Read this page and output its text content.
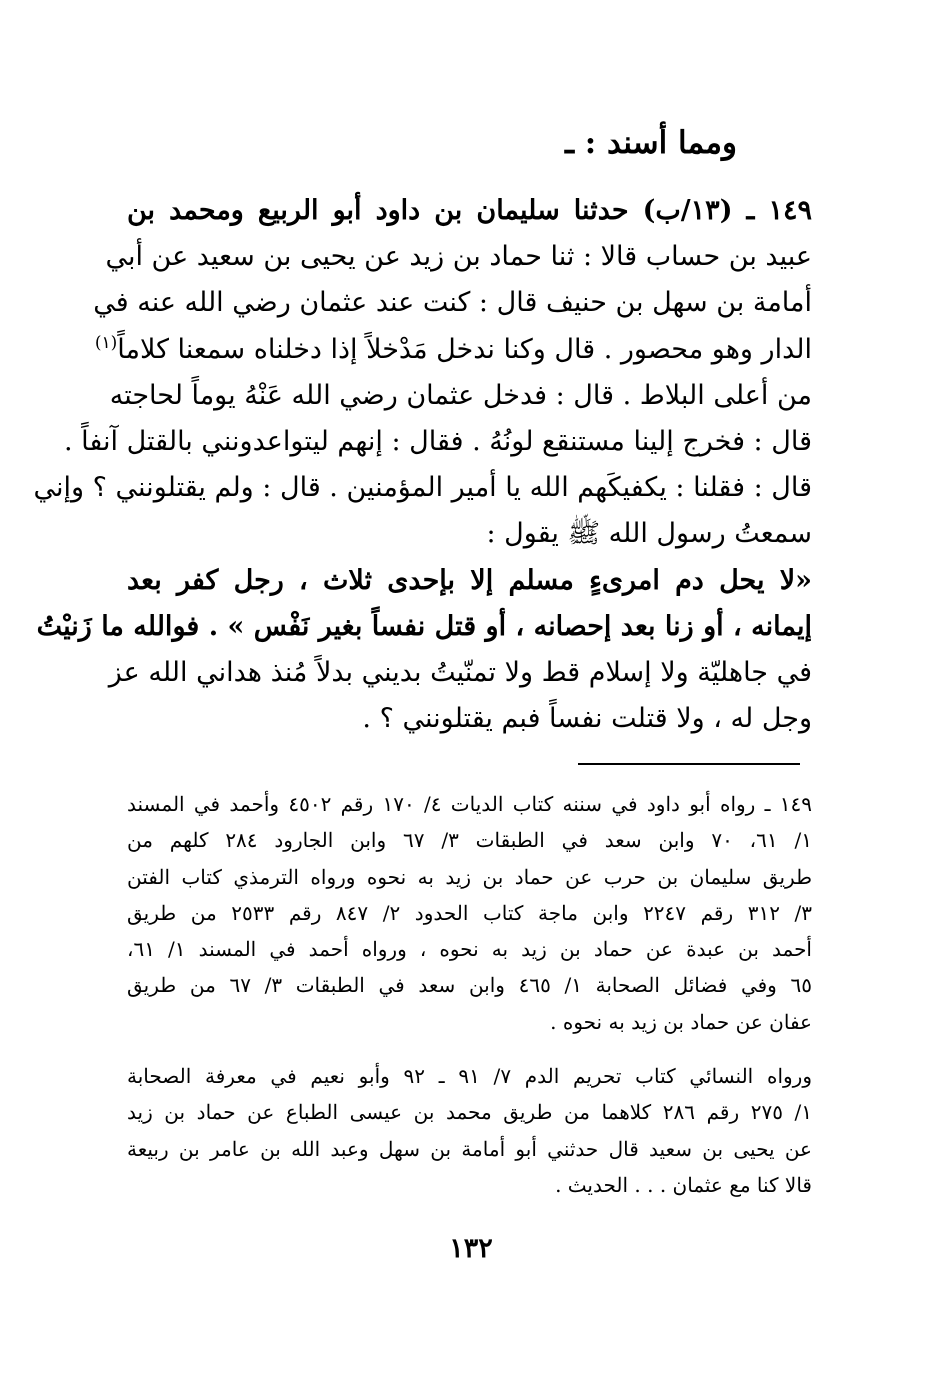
ومما أسند : ـ
١٤٩ ـ (١٣/ب) حدثنا سليمان بن داود أبو الربيع ومحمد بن
عبيد بن حساب قالا : ثنا حماد بن زيد عن يحيى بن سعيد عن أبي
أمامة بن سهل بن حنيف قال : كنت عند عثمان رضي الله عنه في
الدار وهو محصور . قال وكنا ندخل مَدْخلاً إذا دخلناه سمعنا كلاماً$^{(١)}$
من أعلى البلاط . قال : فدخل عثمان رضي الله عَنْهُ يوماً لحاجته
قال : فخرج إلينا مستنقع لونُهُ . فقال : إنهم ليتواعدونني بالقتل آنفاً .
قال : فقلنا : يكفيكَهم الله يا أمير المؤمنين . قال : ولم يقتلونني ؟ وإني
سمعتُ رسول الله ﷺ يقول :
«لا يحل دم امرىءٍ مسلم إلا بإحدى ثلاث ، رجل كفر بعد
إيمانه ، أو زنا بعد إحصانه ، أو قتل نفساً بغير نَفْس » . فوالله ما زَنيْتُ
في جاهليّة ولا إسلام قط ولا تمنّيتُ بديني بدلاً مُنذ هداني الله عز
وجل له ، ولا قتلت نفساً فبم يقتلونني ؟ .
١٤٩ ـ رواه أبو داود في سننه كتاب الديات ٤/ ١٧٠ رقم ٤٥٠٢ وأحمد في المسند
١/ ٦١، ٧٠ وابن سعد في الطبقات ٣/ ٦٧ وابن الجارود ٢٨٤ كلهم من
طريق سليمان بن حرب عن حماد بن زيد به نحوه ورواه الترمذي كتاب الفتن
٣/ ٣١٢ رقم ٢٢٤٧ وابن ماجة كتاب الحدود ٢/ ٨٤٧ رقم ٢٥٣٣ من طريق
أحمد بن عبدة عن حماد بن زيد به نحوه ، ورواه أحمد في المسند ١/ ٦١،
٦٥ وفي فضائل الصحابة ١/ ٤٦٥ وابن سعد في الطبقات ٣/ ٦٧ من طريق
عفان عن حماد بن زيد به نحوه .
ورواه النسائي كتاب تحريم الدم ٧/ ٩١ ـ ٩٢ وأبو نعيم في معرفة الصحابة
١/ ٢٧٥ رقم ٢٨٦ كلاهما من طريق محمد بن عيسى الطباع عن حماد بن زيد
عن يحيى بن سعيد قال حدثني أبو أمامة بن سهل وعبد الله بن عامر بن ربيعة
قالا كنا مع عثمان . . . الحديث .
١٣٢
